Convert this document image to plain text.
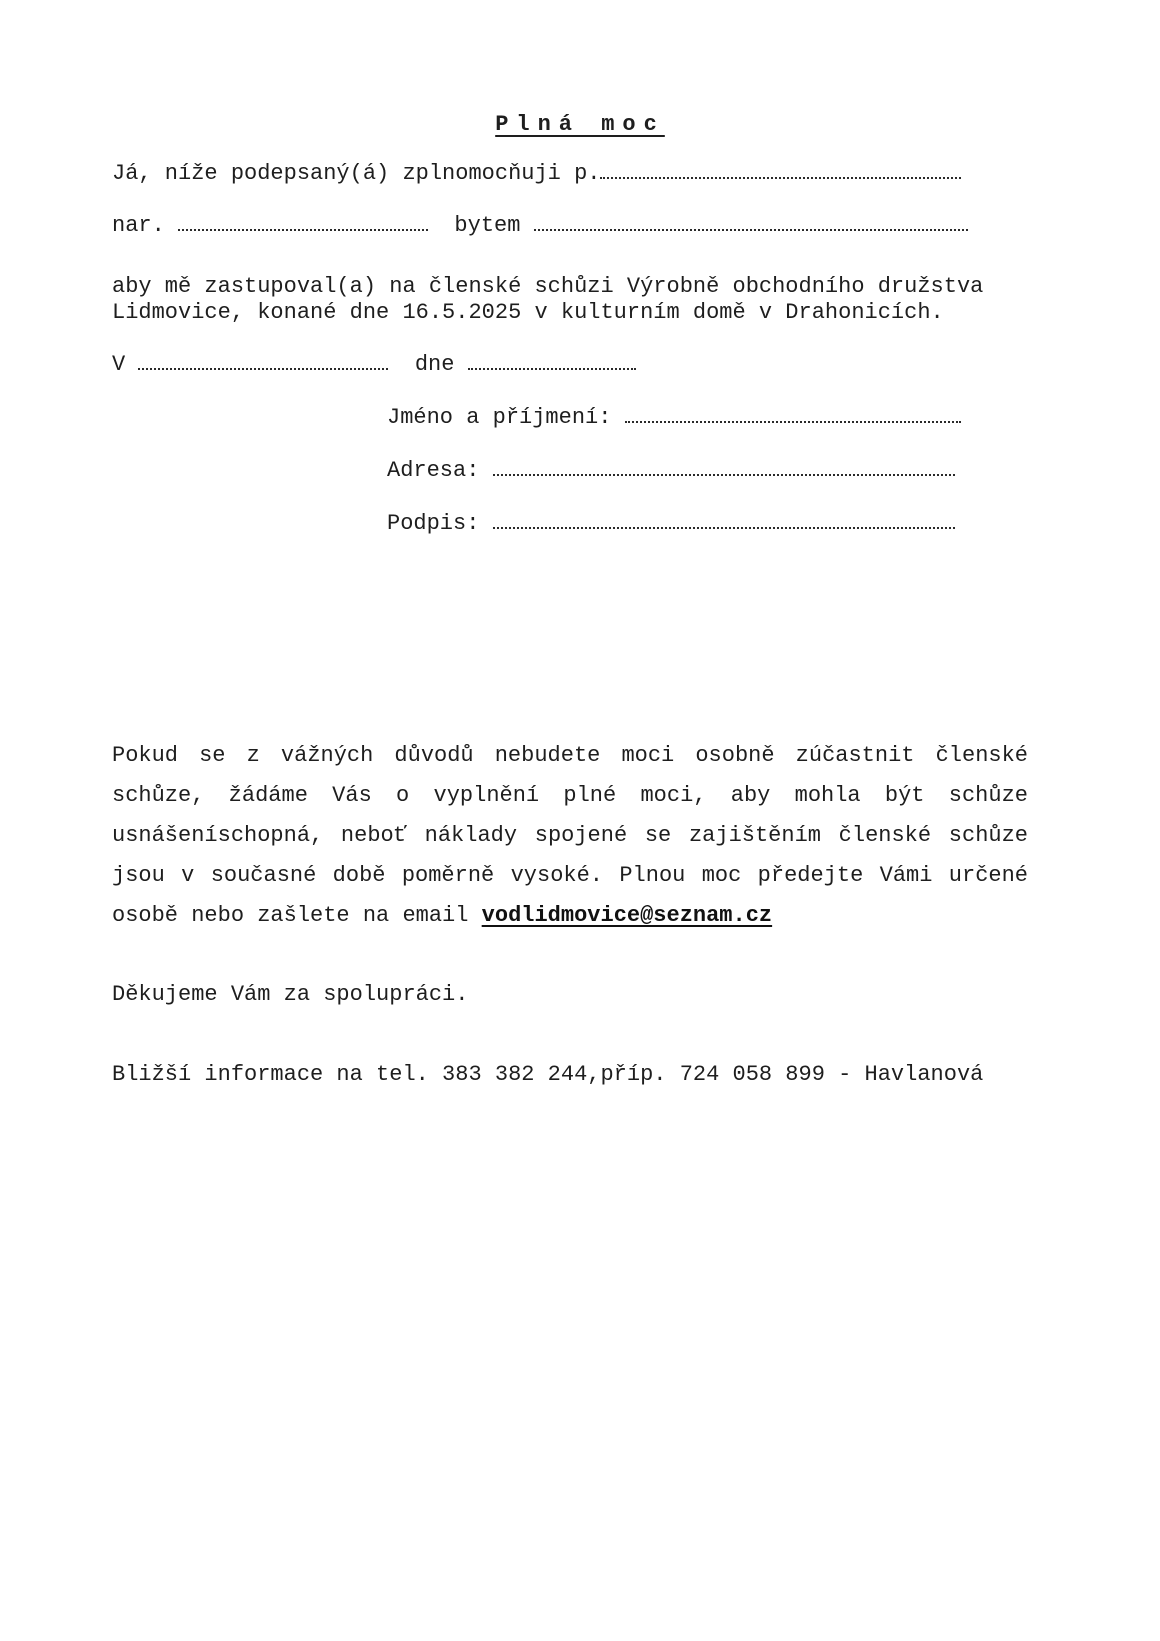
Plná moc
Já, níže podepsaný(á) zplnomocňuji p.
nar.	bytem
aby mě zastupoval(a) na členské schůzi Výrobně obchodního družstva
Lidmovice, konané dne 16.5.2025 v kulturním domě v Drahonicích.
V	dne
Jméno a příjmení:
Adresa:
Podpis:
Pokud se z vážných důvodů nebudete moci osobně zúčastnit členské schůze, žádáme Vás o vyplnění plné moci, aby mohla být schůze usnášeníschopná, neboť náklady spojené se zajištěním členské schůze jsou v současné době poměrně vysoké. Plnou moc předejte Vámi určené osobě nebo zašlete na email vodlidmovice@seznam.cz
Děkujeme Vám za spolupráci.
Bližší informace na tel. 383 382 244,příp. 724 058 899 - Havlanová
